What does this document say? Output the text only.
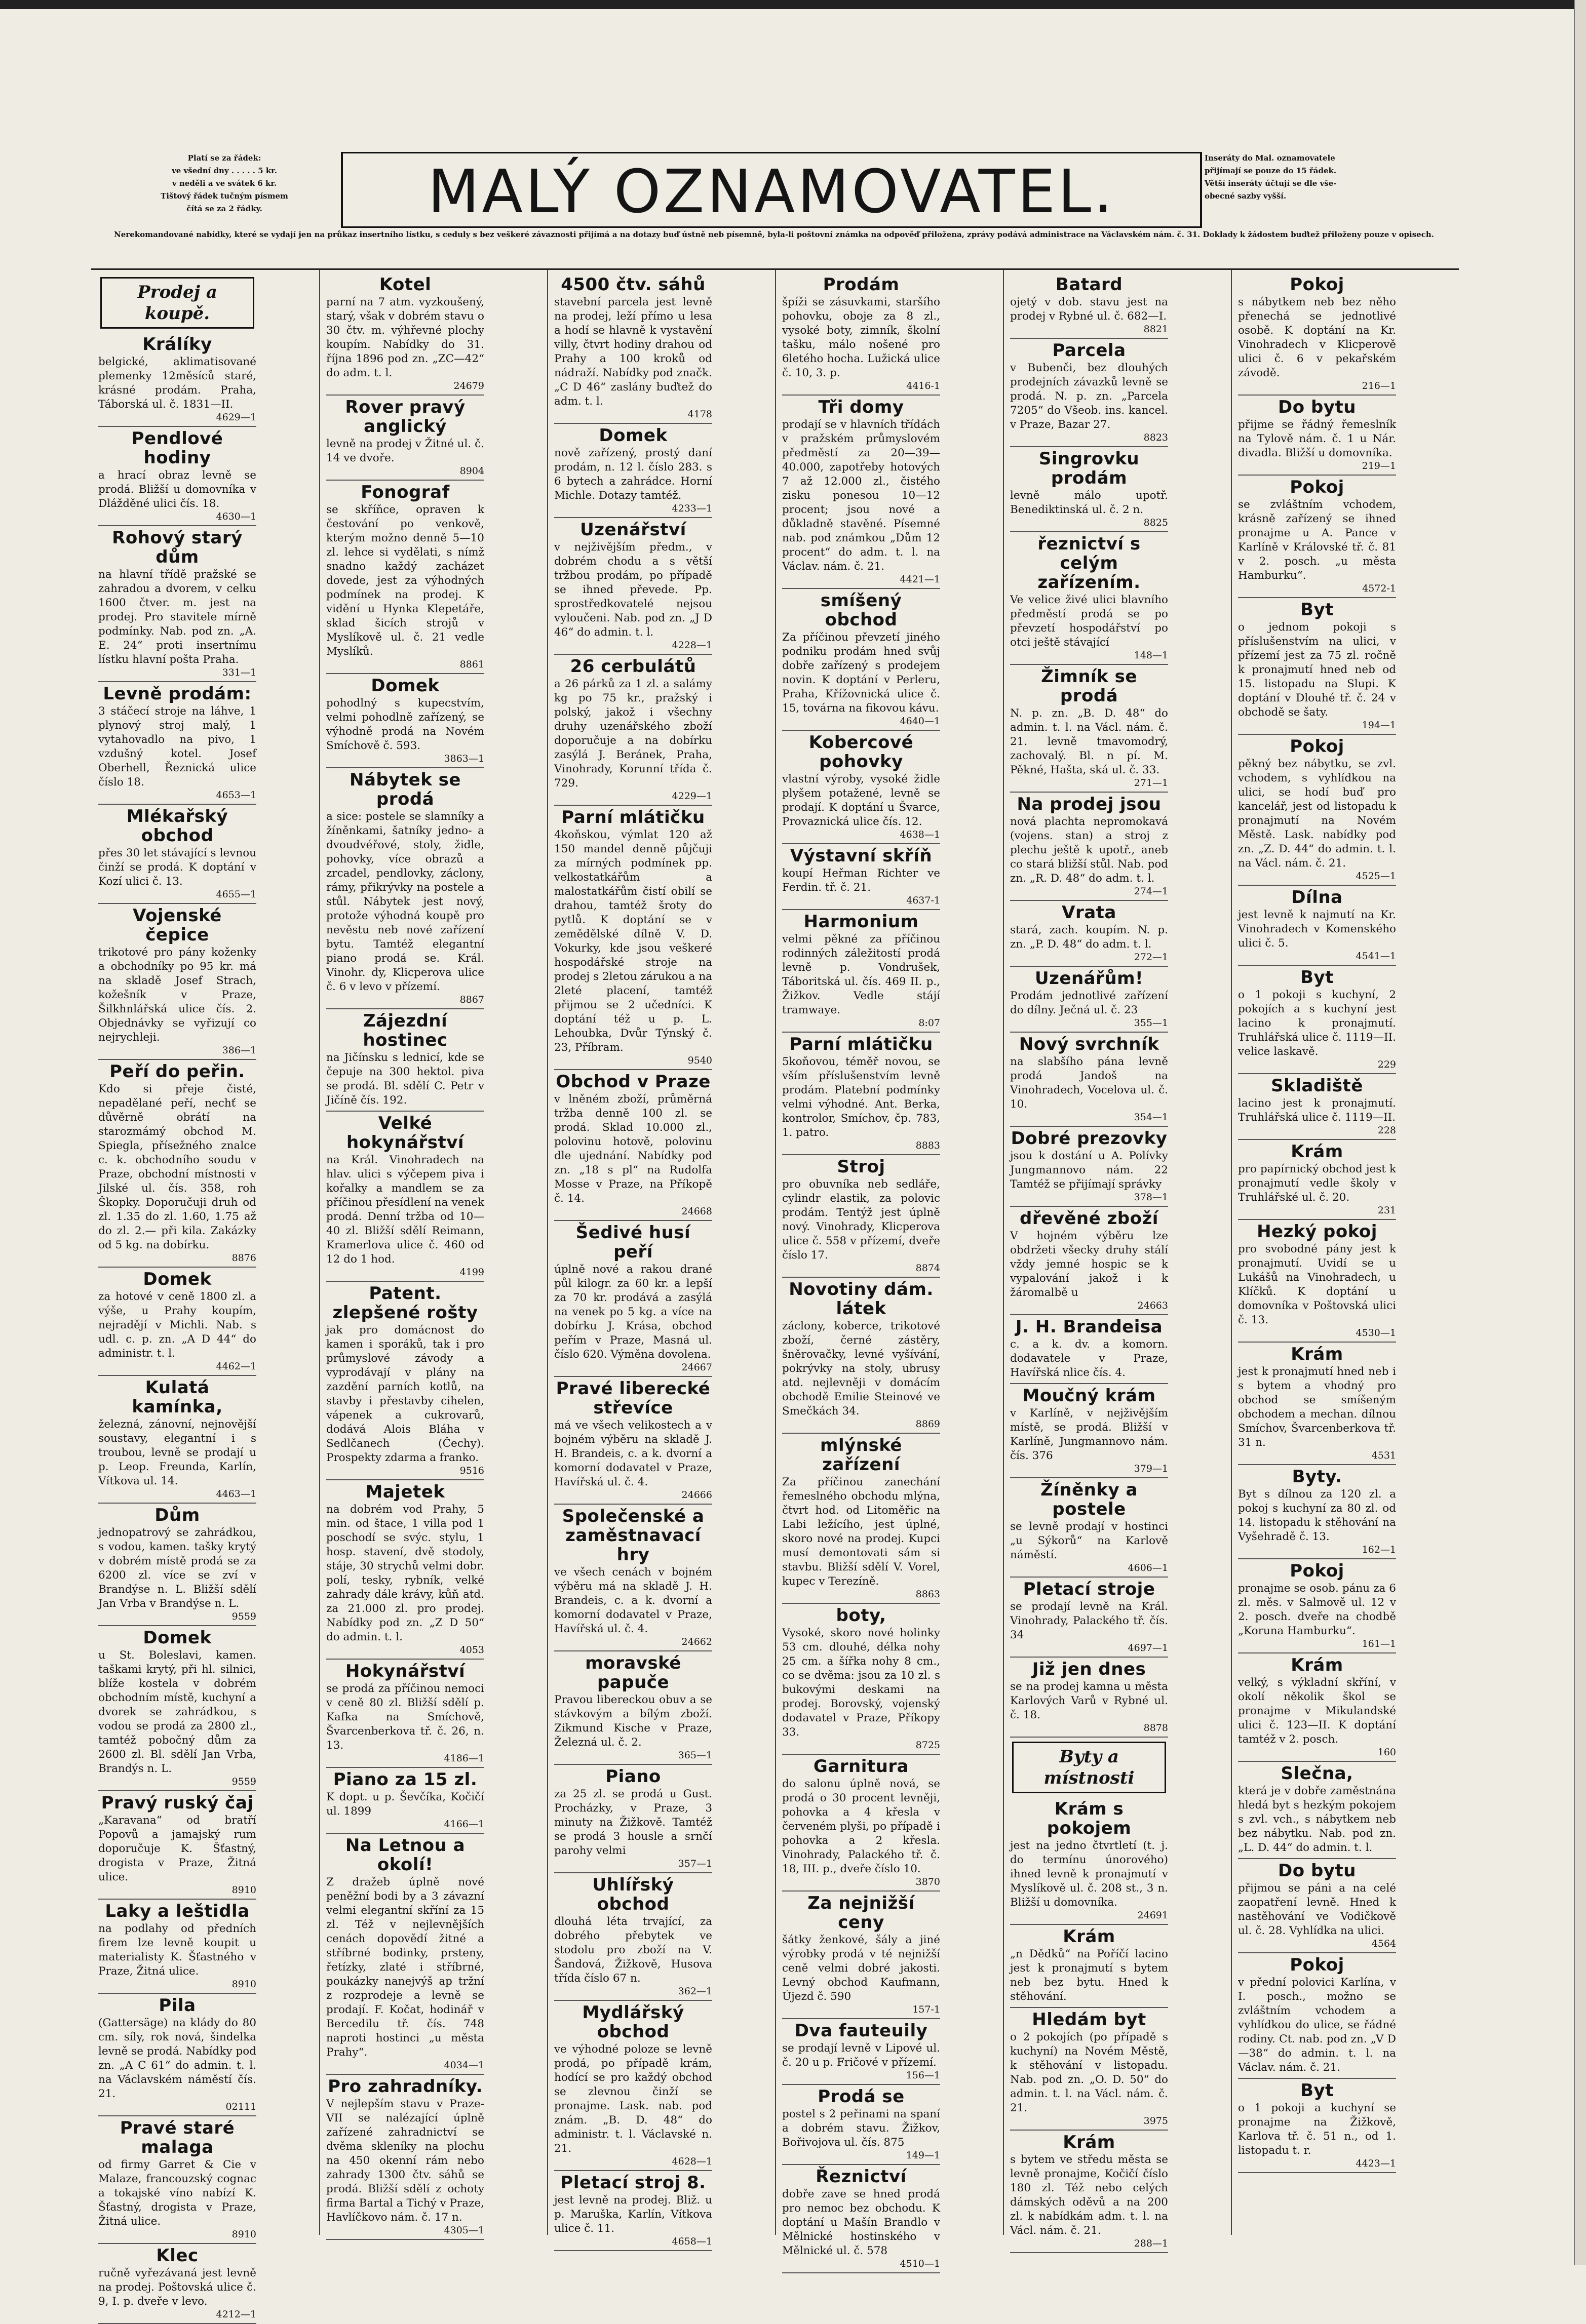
Platí se za řádek:
ve všední dny . . . . . 5 kr.
v neděli a ve svátek 6 kr.
Tištový řádek tučným písmem
čítá se za 2 řádky.	MALÝ OZNAMOVATEL.	Inseráty do Mal. oznamovatele
přijímají se pouze do 15 řádek.
Větší inseráty účtují se dle vše-
obecné sazby vyšší.
Nerekomandované nabídky, které se vydají jen na průkaz insertního lístku, s ceduly s bez veškeré závaznosti přijímá a na dotazy buď ústně neb písemně, byla-li poštovní známka na odpověď přiložena, zprávy podává administrace na Václavském nám. č. 31. Doklady k žádostem buďtež přiloženy pouze v opisech.
Prodej a koupě.
Králíky

belgické, aklimatisované plemenky 12měsíců staré, krásné prodám. Praha, Táborská ul. č. 1831—II.
4629—1

Pendlové hodiny

a hrací obraz levně se prodá. Bližší u domovníka v Dlážděné ulici čís. 18.
4630—1

Rohový starý dům

na hlavní třídě pražské se zahradou a dvorem, v celku 1600 čtver. m. jest na prodej. Pro stavitele mírně podmínky. Nab. pod zn. „A. E. 24“ proti insertnímu lístku hlavní pošta Praha.
331—1

Levně prodám:

3 stáčecí stroje na láhve, 1 plynový stroj malý, 1 vytahovadlo na pivo, 1 vzdušný kotel. Josef Oberhell, Řeznická ulice číslo 18.
4653—1

Mlékařský obchod

přes 30 let stávající s levnou činží se prodá. K doptání v Kozí ulici č. 13.
4655—1

Vojenské čepice

trikotové pro pány koženky a obchodníky po 95 kr. má na skladě Josef Strach, kožešník v Praze, Šilkhnlářská ulice čís. 2. Objednávky se vyřizují co nejrychleji.
386—1

Peří do peřin.

Kdo si přeje čisté, nepadělané peří, nechť se důvěrně obrátí na starozmámý obchod M. Spiegla, přísežného znalce c. k. obchodního soudu v Praze, obchodní místnosti v Jilské ul. čís. 358, roh Škopky. Doporučuji druh od zl. 1.35 do zl. 1.60, 1.75 až do zl. 2.— při kila. Zakázky od 5 kg. na dobírku.
8876

Domek

za hotové v ceně 1800 zl. a výše, u Prahy koupím, nejradějí v Michli. Nab. s udl. c. p. zn. „A D 44“ do administr. t. l.
4462—1

Kulatá kamínka,

železná, zánovní, nejnovější soustavy, elegantní i s troubou, levně se prodají u p. Leop. Freunda, Karlín, Vítkova ul. 14.
4463—1

Dům

jednopatrový se zahrádkou, s vodou, kamen. tašky krytý v dobrém místě prodá se za 6200 zl. více se zví v Brandýse n. L. Bližší sdělí Jan Vrba v Brandýse n. L.
9559

Domek

u St. Boleslavi, kamen. taškami krytý, při hl. silnici, blíže kostela v dobrém obchodním místě, kuchyní a dvorek se zahrádkou, s vodou se prodá za 2800 zl., tamtéž pobočný dům za 2600 zl. Bl. sdělí Jan Vrba, Brandýs n. L.
9559

Pravý ruský čaj

„Karavana“ od bratří Popovů a jamajský rum doporučuje K. Šťastný, drogista v Praze, Žitná ulice.
8910

Laky a leštidla

na podlahy od předních firem lze levně koupit u materialisty K. Šťastného v Praze, Žitná ulice.
8910

Pila

(Gattersäge) na klády do 80 cm. síly, rok nová, šindelka levně se prodá. Nabídky pod zn. „A C 61“ do admin. t. l. na Václavském náměstí čís. 21.
02111

Pravé staré malaga

od firmy Garret & Cie v Malaze, francouzský cognac a tokajské víno nabízí K. Šťastný, drogista v Praze, Žitná ulice.
8910

Klec

ručně vyřezávaná jest levně na prodej. Poštovská ulice č. 9, I. p. dveře v levo.
4212—1

Kotel

parní na 7 atm. vyzkoušený, starý, však v dobrém stavu o 30 čtv. m. výhřevné plochy koupím. Nabídky do 31. října 1896 pod zn. „ZC—42“ do adm. t. l.
24679

Rover pravý anglický

levně na prodej v Žitné ul. č. 14 ve dvoře.
8904

Fonograf

se skříňce, opraven k čestování po venkově, kterým možno denně 5—10 zl. lehce si vydělati, s nímž snadno každý zacházet dovede, jest za výhodných podmínek na prodej. K vidění u Hynka Klepetáře, sklad šicích strojů v Myslíkově ul. č. 21 vedle Myslíků.
8861

Domek

pohodlný s kupecstvím, velmi pohodlně zařízený, se výhodně prodá na Novém Smíchově č. 593.
3863—1

Nábytek se prodá

a sice: postele se slamníky a žíněnkami, šatníky jedno- a dvoudvéřové, stoly, židle, pohovky, více obrazů a zrcadel, pendlovky, záclony, rámy, přikrývky na postele a stůl. Nábytek jest nový, protože výhodná koupě pro nevěstu neb nové zařízení bytu. Tamtéž elegantní piano prodá se. Král. Vinohr. dy, Klicperova ulice č. 6 v levo v přízemí.
8867

Zájezdní hostinec

na Jičínsku s lednicí, kde se čepuje na 300 hektol. piva se prodá. Bl. sdělí C. Petr v Jičíně čís. 192.

Velké hokynářství

na Král. Vinohradech na hlav. ulici s výčepem piva i kořalky a mandlem se za příčinou přesídlení na venek prodá. Denní tržba od 10—40 zl. Bližší sdělí Reimann, Kramerlova ulice č. 460 od 12 do 1 hod.
4199

Patent. zlepšené rošty

jak pro domácnost do kamen i sporáků, tak i pro průmyslové závody a vyprodávají v plány na zazdění parních kotlů, na stavby i přestavby cihelen, vápenek a cukrovarů, dodává Alois Bláha v Sedlčanech (Čechy). Prospekty zdarma a franko.
9516

Majetek

na dobrém vod Prahy, 5 min. od štace, 1 villa pod 1 poschodí se svýc. stylu, 1 hosp. stavení, dvě stodoly, stáje, 30 strychů velmi dobr. polí, tesky, rybník, velké zahrady dále krávy, kůň atd. za 21.000 zl. pro prodej. Nabídky pod zn. „Z D 50“ do admin. t. l.
4053

Hokynářství

se prodá za příčinou nemoci v ceně 80 zl. Bližší sdělí p. Kafka na Smíchově, Švarcenberkova tř. č. 26, n. 13.
4186—1

Piano za 15 zl.

K dopt. u p. Ševčíka, Kočičí ul. 1899
4166—1

Na Letnou a okolí!

Z dražeb úplně nové peněžní bodi by a 3 závazní velmi elegantní skříní za 15 zl. Též v nejlevnějších cenách dopovědí žitné a stříbrné bodinky, prsteny, řetízky, zlaté i stříbrné, poukázky nanejvýš ap tržní z rozprodeje a levně se prodají. F. Kočat, hodinář v Bercedilu tř. čís. 748 naproti hostinci „u města Prahy“.
4034—1

Pro zahradníky.

V nejlepším stavu v Praze-VII se nalézající úplně zařízené zahradnictví se dvěma skleníky na plochu na 450 okenní rám nebo zahrady 1300 čtv. sáhů se prodá. Bližší sdělí z ochoty firma Bartal a Tichý v Praze, Havlíčkovo nám. č. 17 n.
4305—1

4500 čtv. sáhů

stavební parcela jest levně na prodej, leží přímo u lesa a hodí se hlavně k vystavění villy, čtvrt hodiny drahou od Prahy a 100 kroků od nádraží. Nabídky pod značk. „C D 46“ zaslány buďtež do adm. t. l.
4178

Domek

nově zařízený, prostý daní prodám, n. 12 l. číslo 283. s 6 bytech a zahrádce. Horní Michle. Dotazy tamtéž.
4233—1

Uzenářství

v nejživějším předm., v dobrém chodu a s větší tržbou prodám, po případě se ihned převede. Pp. sprostředkovatelé nejsou vyloučeni. Nab. pod zn. „J D 46“ do admin. t. l.
4228—1

26 cerbulátů

a 26 párků za 1 zl. a salámy kg po 75 kr., pražský i polský, jakož i všechny druhy uzenářského zboží doporučuje a na dobírku zasýlá J. Beránek, Praha, Vinohrady, Korunní třída č. 729.
4229—1

Parní mlátičku

4koňskou, výmlat 120 až 150 mandel denně půjčuji za mírných podmínek pp. velkostatkářům a malostatkářům čistí obilí se drahou, tamtéž šroty do pytlů. K doptání se v zemědělské dílně V. D. Vokurky, kde jsou veškeré hospodářské stroje na prodej s 2letou zárukou a na 2leté placení, tamtéž přijmou se 2 učedníci. K doptání též u p. L. Lehoubka, Dvůr Týnský č. 23, Příbram.
9540

Obchod v Praze

v lněném zboží, průměrná tržba denně 100 zl. se prodá. Sklad 10.000 zl., polovinu hotově, polovinu dle ujednání. Nabídky pod zn. „18 s pl“ na Rudolfa Mosse v Praze, na Příkopě č. 14.
24668

Šedivé husí peří

úplně nové a rakou drané půl kilogr. za 60 kr. a lepší za 70 kr. prodává a zasýlá na venek po 5 kg. a více na dobírku J. Krása, obchod peřím v Praze, Masná ul. číslo 620. Výměna dovolena.
24667

Pravé liberecké střevíce

má ve všech velikostech a v bojném výběru na skladě J. H. Brandeis, c. a k. dvorní a komorní dodavatel v Praze, Havířská ul. č. 4.
24666

Společenské a zaměstnavací hry

ve všech cenách v bojném výběru má na skladě J. H. Brandeis, c. a k. dvorní a komorní dodavatel v Praze, Havířská ul. č. 4.
24662

moravské papuče

Pravou libereckou obuv a se stávkovým a bílým zboží. Zikmund Kische v Praze, Železná ul. č. 2.
365—1

Piano

za 25 zl. se prodá u Gust. Procházky, v Praze, 3 minuty na Žižkově. Tamtéž se prodá 3 housle a srnčí parohy velmi
357—1

Uhlířský obchod

dlouhá léta trvající, za dobrého přebytek ve stodolu pro zboží na V. Šandová, Žižkově, Husova třída číslo 67 n.
362—1

Mydlářský obchod

ve výhodné poloze se levně prodá, po případě krám, hodící se pro každý obchod se zlevnou činží se pronajme. Lask. nab. pod znám. „B. D. 48“ do administr. t. l. Václavské n. 21.
4628—1

Pletací stroj 8.

jest levně na prodej. Bliž. u p. Maruška, Karlín, Vítkova ulice č. 11.
4658—1

Prodám

špíži se zásuvkami, staršího pohovku, oboje za 8 zl., vysoké boty, zimník, školní tašku, málo nošené pro 6letého hocha. Lužická ulice č. 10, 3. p.
4416-1

Tři domy

prodají se v hlavních třídách v pražském průmyslovém předměstí za 20—39—40.000, zapotřeby hotových 7 až 12.000 zl., čistého zisku ponesou 10—12 procent; jsou nové a důkladně stavěné. Písemné nab. pod známkou „Dům 12 procent“ do adm. t. l. na Václav. nám. č. 21.
4421—1

smíšený obchod

Za příčinou převzetí jiného podniku prodám hned svůj dobře zařízený s prodejem novin. K doptání v Perleru, Praha, Křížovnická ulice č. 15, továrna na fikovou kávu.
4640—1

Kobercové pohovky

vlastní výroby, vysoké židle plyšem potažené, levně se prodají. K doptání u Švarce, Provaznická ulice čís. 12.
4638—1

Výstavní skříň

koupí Heřman Richter ve Ferdin. tř. č. 21.
4637-1

Harmonium

velmi pěkné za příčinou rodinných záležitostí prodá levně p. Vondrušek, Táboritská ul. čís. 469 II. p., Žižkov. Vedle stájí tramwaye.
8:07

Parní mlátičku

5koňovou, téměř novou, se vším příslušenstvím levně prodám. Platební podmínky velmi výhodné. Ant. Berka, kontrolor, Smíchov, čp. 783, 1. patro.
8883

Stroj

pro obuvníka neb sedláře, cylindr elastik, za polovic prodám. Tentýž jest úplně nový. Vinohrady, Klicperova ulice č. 558 v přízemí, dveře číslo 17.
8874

Novotiny dám. látek

záclony, koberce, trikotové zboží, černé zástěry, šněrovačky, levné vyšívání, pokrývky na stoly, ubrusy atd. nejlevněji v domácím obchodě Emilie Steinové ve Smečkách 34.
8869

mlýnské zařízení

Za příčinou zanechání řemeslného obchodu mlýna, čtvrt hod. od Litoměřic na Labi ležícího, jest úplné, skoro nové na prodej. Kupci musí demontovati sám si stavbu. Bližší sdělí V. Vorel, kupec v Terezíně.
8863

boty,

Vysoké, skoro nové holinky 53 cm. dlouhé, délka nohy 25 cm. a šířka nohy 8 cm., co se dvěma: jsou za 10 zl. s bukovými deskami na prodej. Borovský, vojenský dodavatel v Praze, Příkopy 33.
8725

Garnitura

do salonu úplně nová, se prodá o 30 procent levněji, pohovka a 4 křesla v červeném plyši, po případě i pohovka a 2 křesla. Vinohrady, Palackého tř. č. 18, III. p., dveře číslo 10.
3870

Za nejnižší ceny

šátky ženkové, šály a jiné výrobky prodá v té nejnižší ceně velmi dobré jakosti. Levný obchod Kaufmann, Újezd č. 590
157-1

Dva fauteuily

se prodají levně v Lipové ul. č. 20 u p. Fričové v přízemí.
156—1

Prodá se

postel s 2 peřinami na spaní a dobrém stavu. Žižkov, Bořivojova ul. čís. 875
149—1

Řeznictví

dobře zave se hned prodá pro nemoc bez obchodu. K doptání u Mašín Brandlo v Mělnické hostinského v Mělnické ul. č. 578
4510—1

Batard

ojetý v dob. stavu jest na prodej v Rybné ul. č. 682—I.
8821

Parcela

v Bubenči, bez dlouhých prodejních závazků levně se prodá. N. p. zn. „Parcela 7205“ do Všeob. ins. kancel. v Praze, Bazar 27.
8823

Singrovku prodám

levně málo upotř. Benediktinská ul. č. 2 n.
8825

řeznictví s celým zařízením.

Ve velice živé ulici blavního předměstí prodá se po převzetí hospodářství po otci ještě stávající
148—1

Žimník se prodá

N. p. zn. „B. D. 48“ do admin. t. l. na Václ. nám. č. 21. levně tmavomodrý, zachovalý. Bl. n pí. M. Pěkné, Hašta, ská ul. č. 33.
271—1

Na prodej jsou

nová plachta nepromokavá (vojens. stan) a stroj z plechu ještě k upotř., aneb co stará bližší stůl. Nab. pod zn. „R. D. 48“ do adm. t. l.
274—1

Vrata

stará, zach. koupím. N. p. zn. „P. D. 48“ do adm. t. l.
272—1

Uzenářům!

Prodám jednotlivé zařízení do dílny. Ječná ul. č. 23
355—1

Nový svrchník

na slabšího pána levně prodá Jandoš na Vinohradech, Vocelova ul. č. 10.
354—1

Dobré prezovky

jsou k dostání u A. Polívky Jungmannovo nám. 22 Tamtéž se přijímají správky
378—1

dřevěné zboží

V hojném výběru lze obdržeti všecky druhy stálí vždy jemné hospic se k vypalování jakož i k žáromalbě u
24663

J. H. Brandeisa

c. a k. dv. a komorn. dodavatele v Praze, Havířská nlice čís. 4.

Moučný krám

v Karlíně, v nejživějším místě, se prodá. Bližší v Karlíně, Jungmannovo nám. čís. 376
379—1

Žíněnky a postele

se levně prodají v hostinci „u Sýkorů“ na Karlově náměstí.
4606—1

Pletací stroje

se prodají levně na Král. Vinohrady, Palackého tř. čís. 34
4697—1

Již jen dnes

se na prodej kamna u města Karlových Varů v Rybné ul. č. 18.
8878

Byty a místnosti
Krám s pokojem

jest na jedno čtvrtletí (t. j. do termínu únorového) ihned levně k pronajmutí v Myslíkově ul. č. 208 st., 3 n. Bližší u domovníka.
24691

Krám

„n Dědků“ na Poříčí lacino jest k pronajmutí s bytem neb bez bytu. Hned k stěhování.

Hledám byt

o 2 pokojích (po případě s kuchyní) na Novém Městě, k stěhování v listopadu. Nab. pod zn. „O. D. 50“ do admin. t. l. na Václ. nám. č. 21.
3975

Krám

s bytem ve středu města se levně pronajme, Kočičí číslo 180 zl. Též nebo celých dámských oděvů a na 200 zl. k nabídkám adm. t. l. na Václ. nám. č. 21.
288—1

Pokoj

s nábytkem neb bez něho přenechá se jednotlivé osobě. K doptání na Kr. Vinohradech v Klicperově ulici č. 6 v pekařském závodě.
216—1

Do bytu

přijme se řádný řemeslník na Tylově nám. č. 1 u Nár. divadla. Bližší u domovníka.
219—1

Pokoj

se zvláštním vchodem, krásně zařízený se ihned pronajme u A. Pance v Karlíně v Královské tř. č. 81 v 2. posch. „u města Hamburku“.
4572-1

Byt

o jednom pokoji s příslušenstvím na ulici, v přízemí jest za 75 zl. ročně k pronajmutí hned neb od 15. listopadu na Slupi. K doptání v Dlouhé tř. č. 24 v obchodě se šaty.
194—1

Pokoj

pěkný bez nábytku, se zvl. vchodem, s vyhlídkou na ulici, se hodí buď pro kancelář, jest od listopadu k pronajmutí na Novém Městě. Lask. nabídky pod zn. „Z. D. 44“ do admin. t. l. na Václ. nám. č. 21.
4525—1

Dílna

jest levně k najmutí na Kr. Vinohradech v Komenského ulici č. 5.
4541—1

Byt

o 1 pokoji s kuchyní, 2 pokojích a s kuchyní jest lacino k pronajmutí. Truhlářská ulice č. 1119—II. velice laskavě.
229

Skladiště

lacino jest k pronajmutí. Truhlářská ulice č. 1119—II.
228

Krám

pro papírnický obchod jest k pronajmutí vedle školy v Truhlářské ul. č. 20.
231

Hezký pokoj

pro svobodné pány jest k pronajmutí. Uvidí se u Lukášů na Vinohradech, u Klíčků. K doptání u domovníka v Poštovská ulici č. 13.
4530—1

Krám

jest k pronajmutí hned neb i s bytem a vhodný pro obchod se smíšeným obchodem a mechan. dílnou Smíchov, Švarcenberkova tř. 31 n.
4531

Byty.

Byt s dílnou za 120 zl. a pokoj s kuchyní za 80 zl. od 14. listopadu k stěhování na Vyšehradě č. 13.
162—1

Pokoj

pronajme se osob. pánu za 6 zl. měs. v Salmově ul. 12 v 2. posch. dveře na chodbě „Koruna Hamburku“.
161—1

Krám

velký, s výkladní skříní, v okolí několik škol se pronajme v Mikulandské ulici č. 123—II. K doptání tamtéž v 2. posch.
160

Slečna,

která je v dobře zaměstnána hledá byt s hezkým pokojem s zvl. vch., s nábytkem neb bez nábytku. Nab. pod zn. „L. D. 44“ do admin. t. l.

Do bytu

přijmou se páni a na celé zaopatření levně. Hned k nastěhování ve Vodičkově ul. č. 28. Vyhlídka na ulici.
4564

Pokoj

v přední polovici Karlína, v I. posch., možno se zvláštním vchodem a vyhlídkou do ulice, se řádné rodiny. Ct. nab. pod zn. „V D—38“ do admin. t. l. na Václav. nám. č. 21.

Byt

o 1 pokoji a kuchyní se pronajme na Žižkově, Karlova tř. č. 51 n., od 1. listopadu t. r.
4423—1
